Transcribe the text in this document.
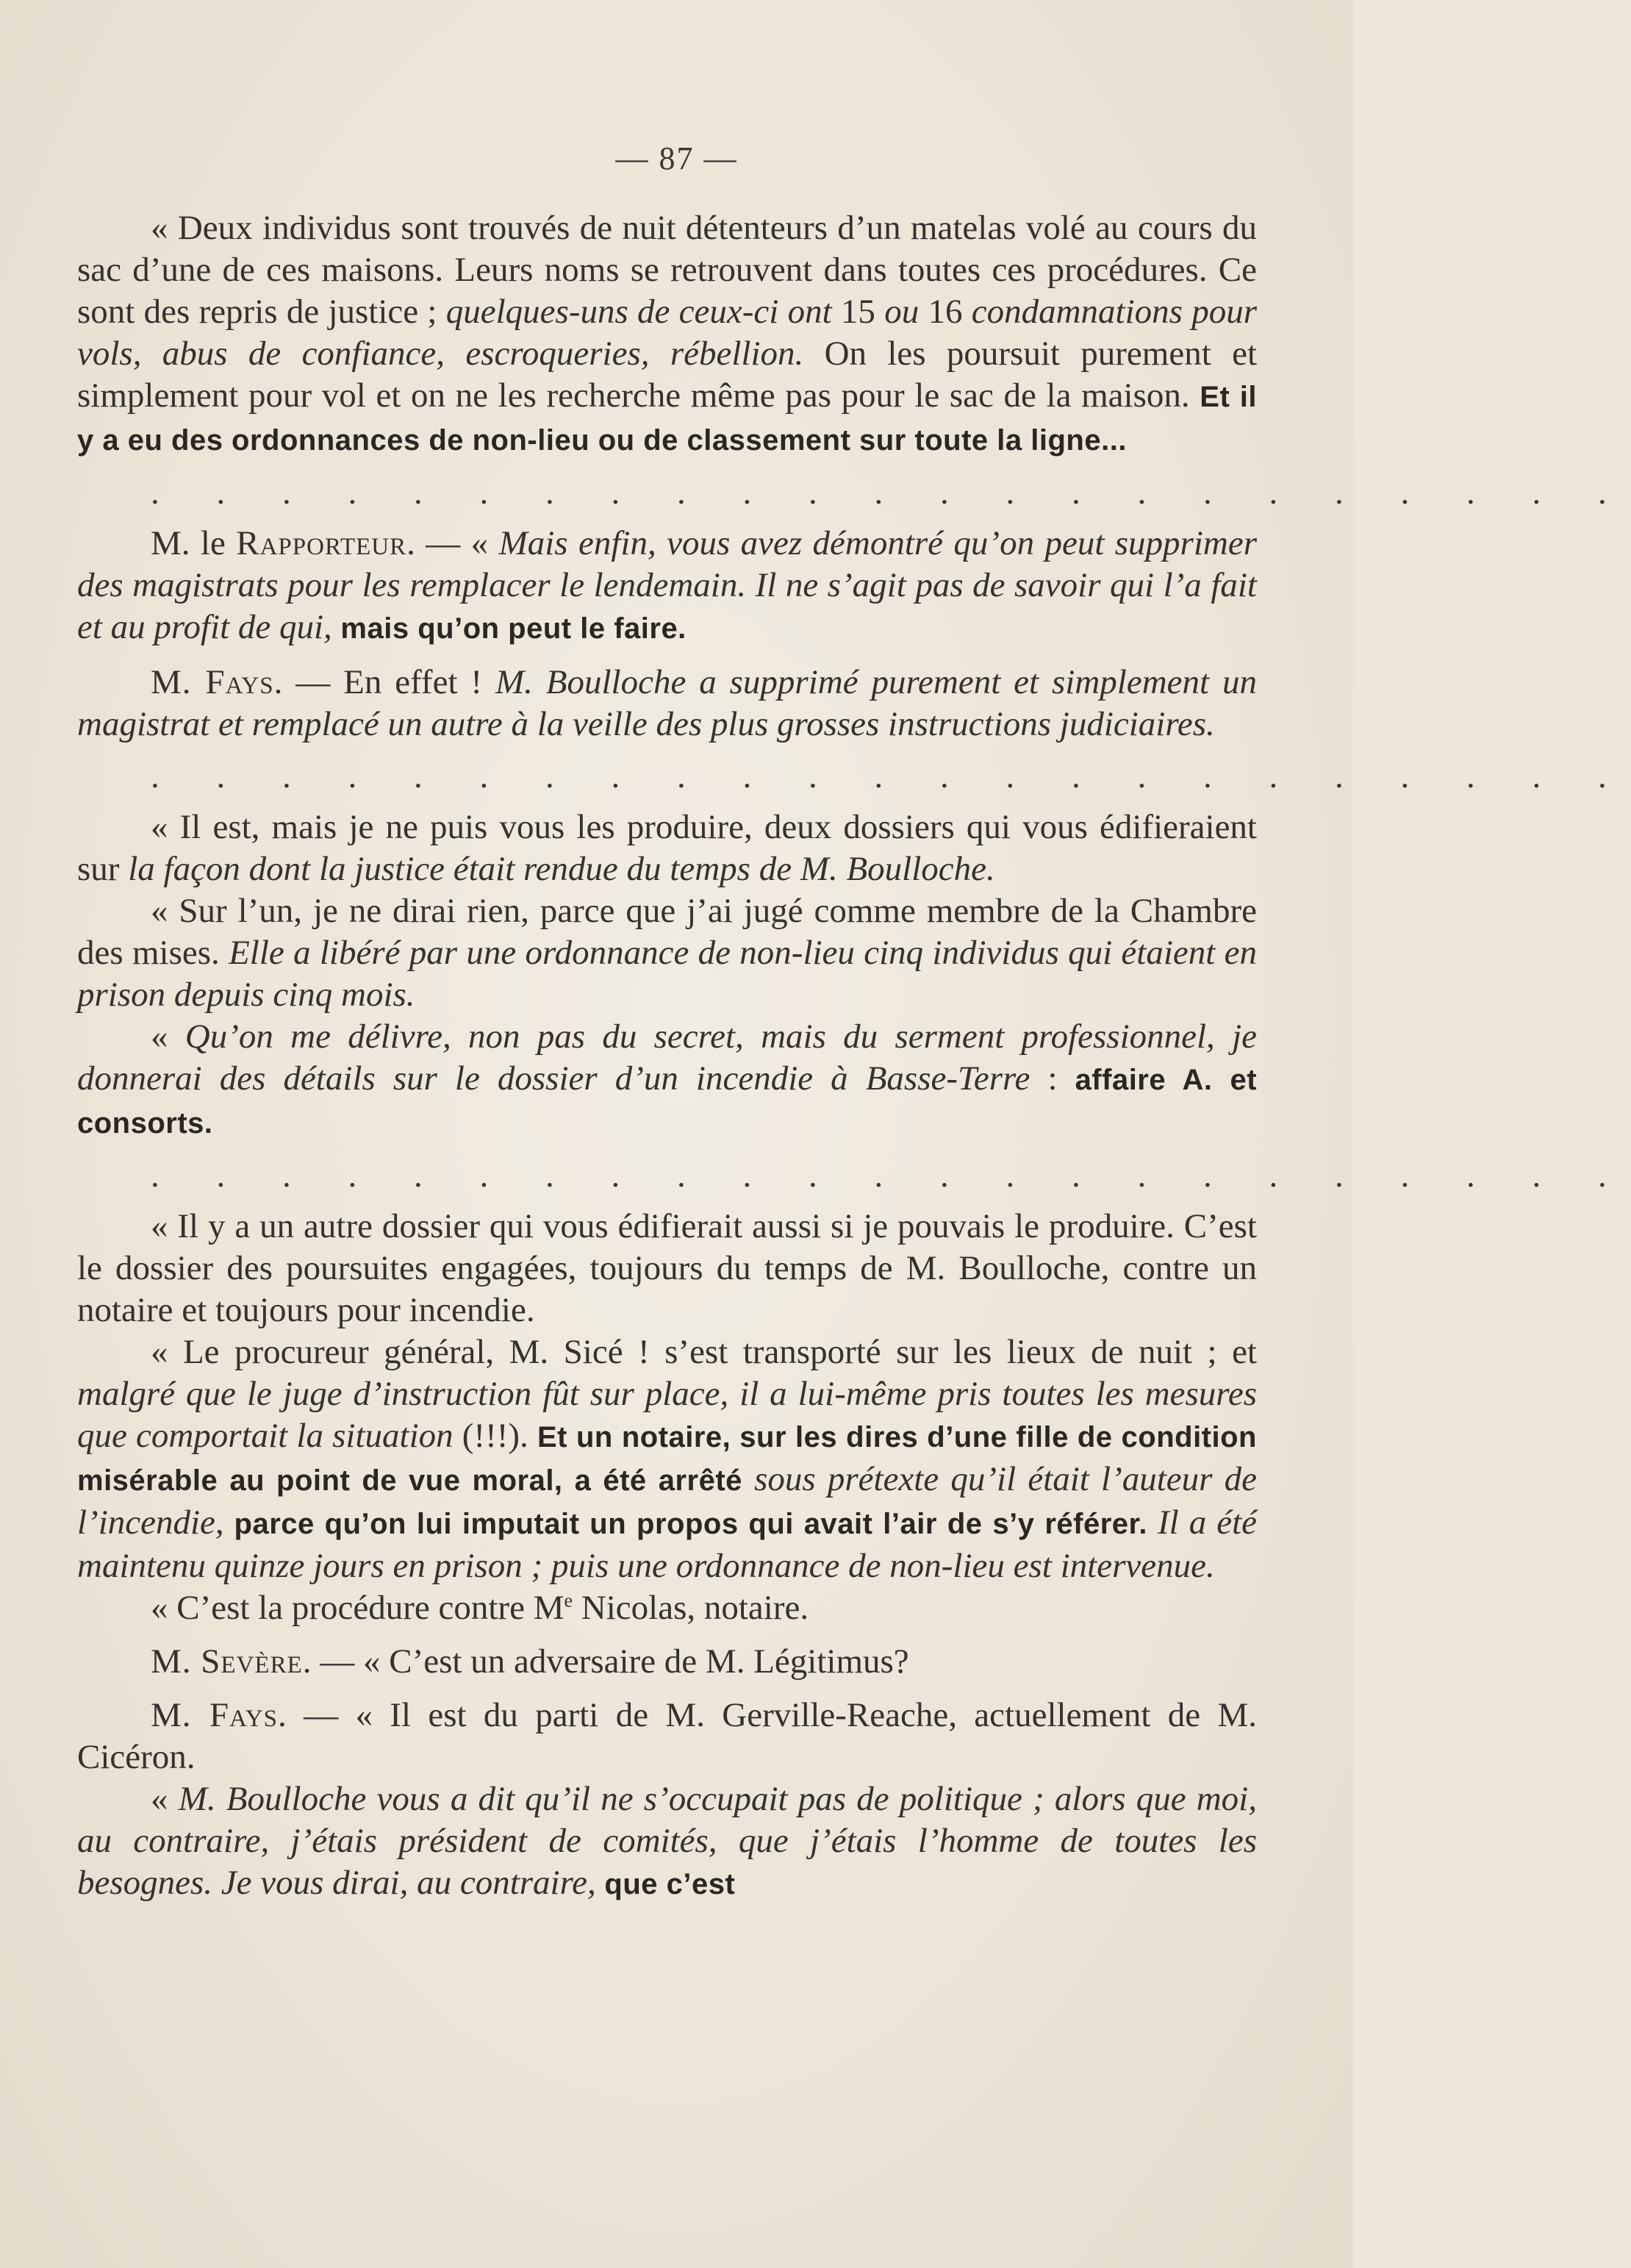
— 87 —

« Deux individus sont trouvés de nuit détenteurs d’un matelas volé au cours du sac d’une de ces maisons. Leurs noms se retrouvent dans toutes ces procédures. Ce sont des repris de justice ; quelques-uns de ceux-ci ont 15 ou 16 condamnations pour vols, abus de confiance, escroqueries, rébellion. On les poursuit purement et simplement pour vol et on ne les recherche même pas pour le sac de la maison. Et il y a eu des ordonnances de non-lieu ou de classement sur toute la ligne...

. . . . . . . . . . . . . . . . . . . . . . .

M. le Rapporteur. — « Mais enfin, vous avez démontré qu’on peut supprimer des magistrats pour les remplacer le lendemain. Il ne s’agit pas de savoir qui l’a fait et au profit de qui, mais qu’on peut le faire.

M. Fays. — En effet ! M. Boulloche a supprimé purement et simplement un magistrat et remplacé un autre à la veille des plus grosses instructions judiciaires.

. . . . . . . . . . . . . . . . . . . . . . .

« Il est, mais je ne puis vous les produire, deux dossiers qui vous édifieraient sur la façon dont la justice était rendue du temps de M. Boulloche.

« Sur l’un, je ne dirai rien, parce que j’ai jugé comme membre de la Chambre des mises. Elle a libéré par une ordonnance de non-lieu cinq individus qui étaient en prison depuis cinq mois.

« Qu’on me délivre, non pas du secret, mais du serment professionnel, je donnerai des détails sur le dossier d’un incendie à Basse-Terre : affaire A. et consorts.

. . . . . . . . . . . . . . . . . . . . . . .

« Il y a un autre dossier qui vous édifierait aussi si je pouvais le produire. C’est le dossier des poursuites engagées, toujours du temps de M. Boulloche, contre un notaire et toujours pour incendie.

« Le procureur général, M. Sicé ! s’est transporté sur les lieux de nuit ; et malgré que le juge d’instruction fût sur place, il a lui-même pris toutes les mesures que comportait la situation (!!!). Et un notaire, sur les dires d’une fille de condition misérable au point de vue moral, a été arrêté sous prétexte qu’il était l’auteur de l’incendie, parce qu’on lui imputait un propos qui avait l’air de s’y référer. Il a été maintenu quinze jours en prison ; puis une ordonnance de non-lieu est intervenue.

« C’est la procédure contre Me Nicolas, notaire.

M. Sevère. — « C’est un adversaire de M. Légitimus?

M. Fays. — « Il est du parti de M. Gerville-Reache, actuellement de M. Cicéron.

« M. Boulloche vous a dit qu’il ne s’occupait pas de politique ; alors que moi, au contraire, j’étais président de comités, que j’étais l’homme de toutes les besognes. Je vous dirai, au contraire, que c’est
